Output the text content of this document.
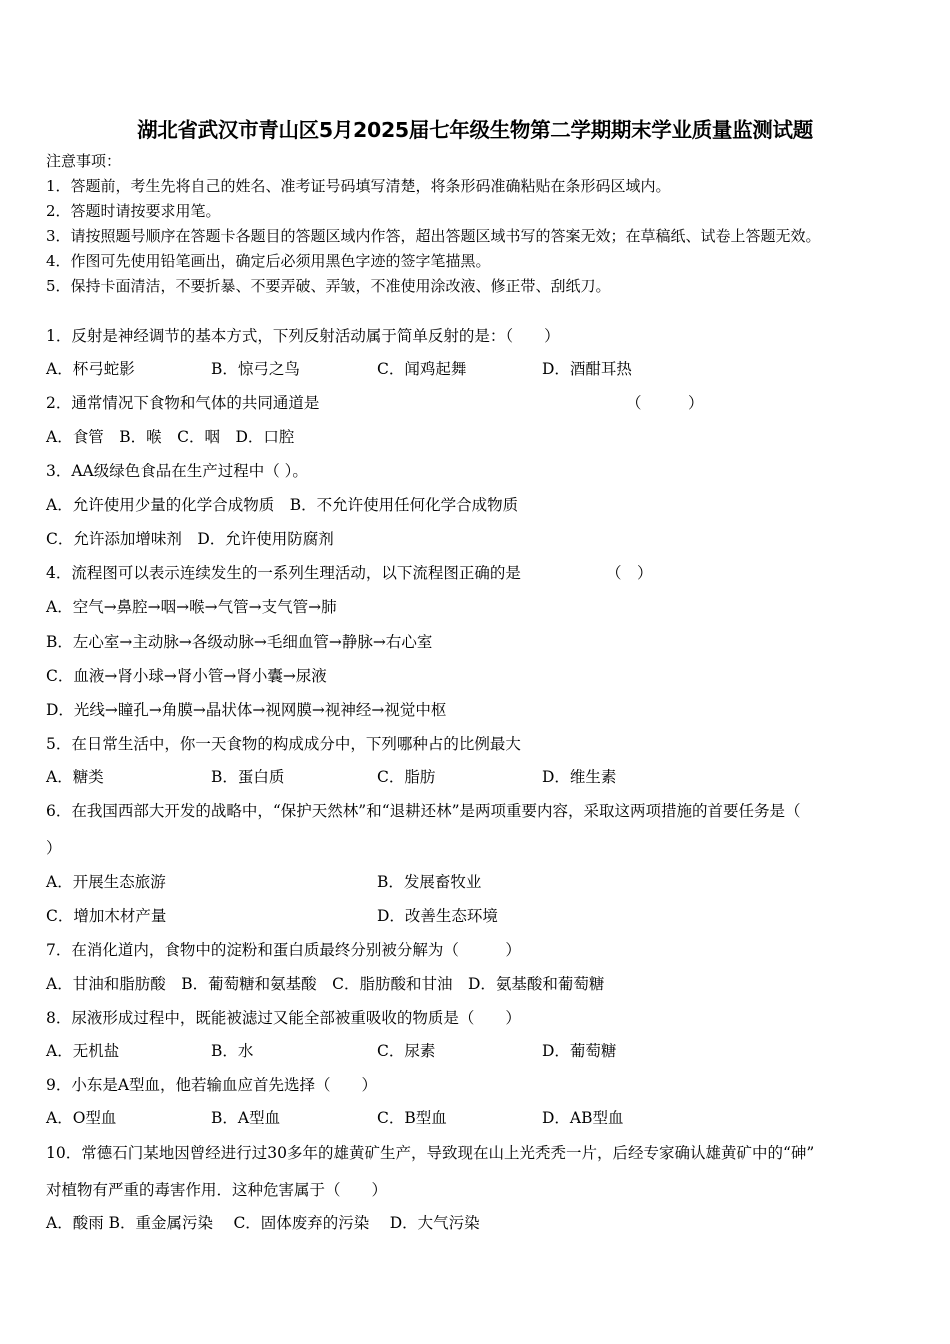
湖北省武汉市青山区5月2025届七年级生物第二学期期末学业质量监测试题
注意事项：
1．答题前，考生先将自己的姓名、准考证号码填写清楚，将条形码准确粘贴在条形码区域内。
2．答题时请按要求用笔。
3．请按照题号顺序在答题卡各题目的答题区域内作答，超出答题区域书写的答案无效；在草稿纸、试卷上答题无效。
4．作图可先使用铅笔画出，确定后必须用黑色字迹的签字笔描黑。
5．保持卡面清洁，不要折暴、不要弄破、弄皱，不准使用涂改液、修正带、刮纸刀。
1．反射是神经调节的基本方式，下列反射活动属于简单反射的是：（　　）
A．杯弓蛇影	B．惊弓之鸟	C．闻鸡起舞	D．酒酣耳热
2．通常情况下食物和气体的共同通道是	（　　　）
A．食管　B．喉　C．咽　D．口腔
3．AA级绿色食品在生产过程中（ ）。
A．允许使用少量的化学合成物质　B．不允许使用任何化学合成物质
C．允许添加增味剂　D．允许使用防腐剂
4．流程图可以表示连续发生的一系列生理活动，以下流程图正确的是	（　）
A．空气→鼻腔→咽→喉→气管→支气管→肺
B．左心室→主动脉→各级动脉→毛细血管→静脉→右心室
C．血液→肾小球→肾小管→肾小囊→尿液
D．光线→瞳孔→角膜→晶状体→视网膜→视神经→视觉中枢
5．在日常生活中，你一天食物的构成成分中，下列哪种占的比例最大
A．糖类	B．蛋白质	C．脂肪	D．维生素
6．在我国西部大开发的战略中，“保护天然林”和“退耕还林”是两项重要内容，采取这两项措施的首要任务是（
）
A．开展生态旅游	B．发展畜牧业
C．增加木材产量	D．改善生态环境
7．在消化道内，食物中的淀粉和蛋白质最终分别被分解为（　　　）
A．甘油和脂肪酸　B．葡萄糖和氨基酸　C．脂肪酸和甘油　D．氨基酸和葡萄糖
8．尿液形成过程中，既能被滤过又能全部被重吸收的物质是（　　）
A．无机盐	B．水	C．尿素	D．葡萄糖
9．小东是A型血，他若输血应首先选择（　　）
A．O型血	B．A型血	C．B型血	D．AB型血
10．常德石门某地因曾经进行过30多年的雄黄矿生产，导致现在山上光秃秃一片，后经专家确认雄黄矿中的“砷”
对植物有严重的毒害作用．这种危害属于（　　）
A．酸雨 B．重金属污染　 C．固体废弃的污染　 D．大气污染
